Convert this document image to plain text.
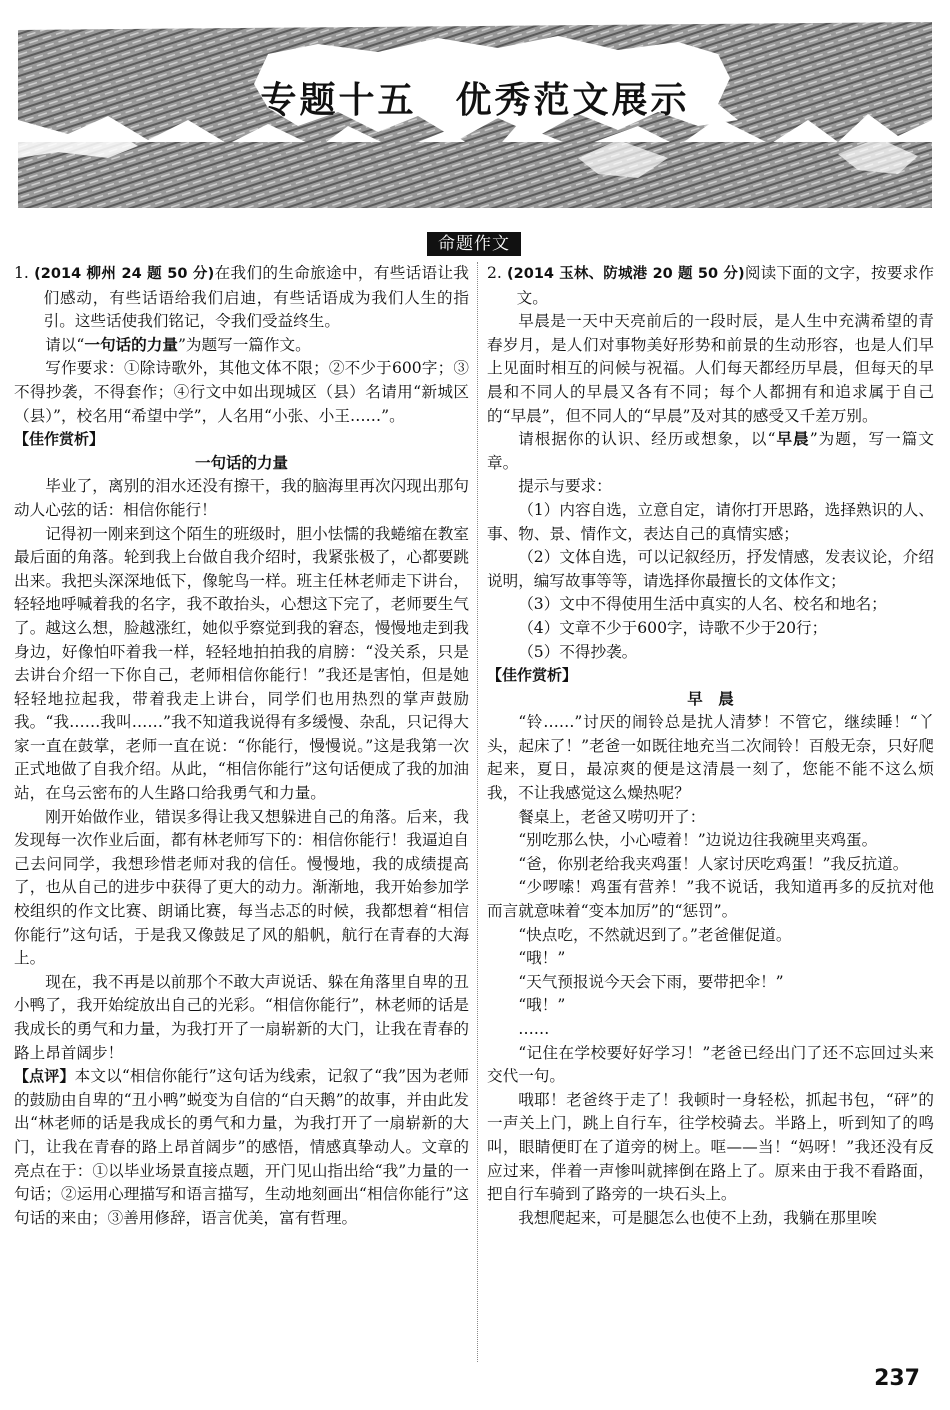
专题十五　优秀范文展示
命题作文

1. (2014 柳州 24 题 50 分)在我们的生命旅途中，有些话语让我们感动，有些话语给我们启迪，有些话语成为我们人生的指引。这些话使我们铭记，令我们受益终生。

请以“一句话的力量”为题写一篇作文。

写作要求：①除诗歌外，其他文体不限；②不少于600字；③不得抄袭，不得套作；④行文中如出现城区（县）名请用“新城区（县）”，校名用“希望中学”，人名用“小张、小王……”。

【佳作赏析】

一句话的力量

毕业了，离别的泪水还没有擦干，我的脑海里再次闪现出那句动人心弦的话：相信你能行！

记得初一刚来到这个陌生的班级时，胆小怯懦的我蜷缩在教室最后面的角落。轮到我上台做自我介绍时，我紧张极了，心都要跳出来。我把头深深地低下，像鸵鸟一样。班主任林老师走下讲台，轻轻地呼喊着我的名字，我不敢抬头，心想这下完了，老师要生气了。越这么想，脸越涨红，她似乎察觉到我的窘态，慢慢地走到我身边，好像怕吓着我一样，轻轻地拍拍我的肩膀：“没关系，只是去讲台介绍一下你自己，老师相信你能行！”我还是害怕，但是她轻轻地拉起我，带着我走上讲台，同学们也用热烈的掌声鼓励我。“我……我叫……”我不知道我说得有多缓慢、杂乱，只记得大家一直在鼓掌，老师一直在说：“你能行，慢慢说。”这是我第一次正式地做了自我介绍。从此，“相信你能行”这句话便成了我的加油站，在乌云密布的人生路口给我勇气和力量。

刚开始做作业，错误多得让我又想躲进自己的角落。后来，我发现每一次作业后面，都有林老师写下的：相信你能行！我逼迫自己去问同学，我想珍惜老师对我的信任。慢慢地，我的成绩提高了，也从自己的进步中获得了更大的动力。渐渐地，我开始参加学校组织的作文比赛、朗诵比赛，每当忐忑的时候，我都想着“相信你能行”这句话，于是我又像鼓足了风的船帆，航行在青春的大海上。

现在，我不再是以前那个不敢大声说话、躲在角落里自卑的丑小鸭了，我开始绽放出自己的光彩。“相信你能行”，林老师的话是我成长的勇气和力量，为我打开了一扇崭新的大门，让我在青春的路上昂首阔步！

【点评】本文以“相信你能行”这句话为线索，记叙了“我”因为老师的鼓励由自卑的“丑小鸭”蜕变为自信的“白天鹅”的故事，并由此发出“林老师的话是我成长的勇气和力量，为我打开了一扇崭新的大门，让我在青春的路上昂首阔步”的感悟，情感真挚动人。文章的亮点在于：①以毕业场景直接点题，开门见山指出给“我”力量的一句话；②运用心理描写和语言描写，生动地刻画出“相信你能行”这句话的来由；③善用修辞，语言优美，富有哲理。

2. (2014 玉林、防城港 20 题 50 分)阅读下面的文字，按要求作文。

早晨是一天中天亮前后的一段时辰，是人生中充满希望的青春岁月，是人们对事物美好形势和前景的生动形容，也是人们早上见面时相互的问候与祝福。人们每天都经历早晨，但每天的早晨和不同人的早晨又各有不同；每个人都拥有和追求属于自己的“早晨”，但不同人的“早晨”及对其的感受又千差万别。

请根据你的认识、经历或想象，以“早晨”为题，写一篇文章。

提示与要求：

（1）内容自选，立意自定，请你打开思路，选择熟识的人、事、物、景、情作文，表达自己的真情实感；

（2）文体自选，可以记叙经历，抒发情感，发表议论，介绍说明，编写故事等等，请选择你最擅长的文体作文；

（3）文中不得使用生活中真实的人名、校名和地名；

（4）文章不少于600字，诗歌不少于20行；

（5）不得抄袭。

【佳作赏析】

早　晨

“铃……”讨厌的闹铃总是扰人清梦！不管它，继续睡！“丫头，起床了！”老爸一如既往地充当二次闹铃！百般无奈，只好爬起来，夏日，最凉爽的便是这清晨一刻了，您能不能不这么烦我，不让我感觉这么燥热呢？

餐桌上，老爸又唠叨开了：

“别吃那么快，小心噎着！”边说边往我碗里夹鸡蛋。

“爸，你别老给我夹鸡蛋！人家讨厌吃鸡蛋！”我反抗道。

“少啰嗦！鸡蛋有营养！”我不说话，我知道再多的反抗对他而言就意味着“变本加厉”的“惩罚”。

“快点吃，不然就迟到了。”老爸催促道。

“哦！”

“天气预报说今天会下雨，要带把伞！”

“哦！”

……

“记住在学校要好好学习！”老爸已经出门了还不忘回过头来交代一句。

哦耶！老爸终于走了！我顿时一身轻松，抓起书包，“砰”的一声关上门，跳上自行车，往学校骑去。半路上，听到知了的鸣叫，眼睛便盯在了道旁的树上。哐——当！“妈呀！”我还没有反应过来，伴着一声惨叫就摔倒在路上了。原来由于我不看路面，把自行车骑到了路旁的一块石头上。

我想爬起来，可是腿怎么也使不上劲，我躺在那里唉

237
